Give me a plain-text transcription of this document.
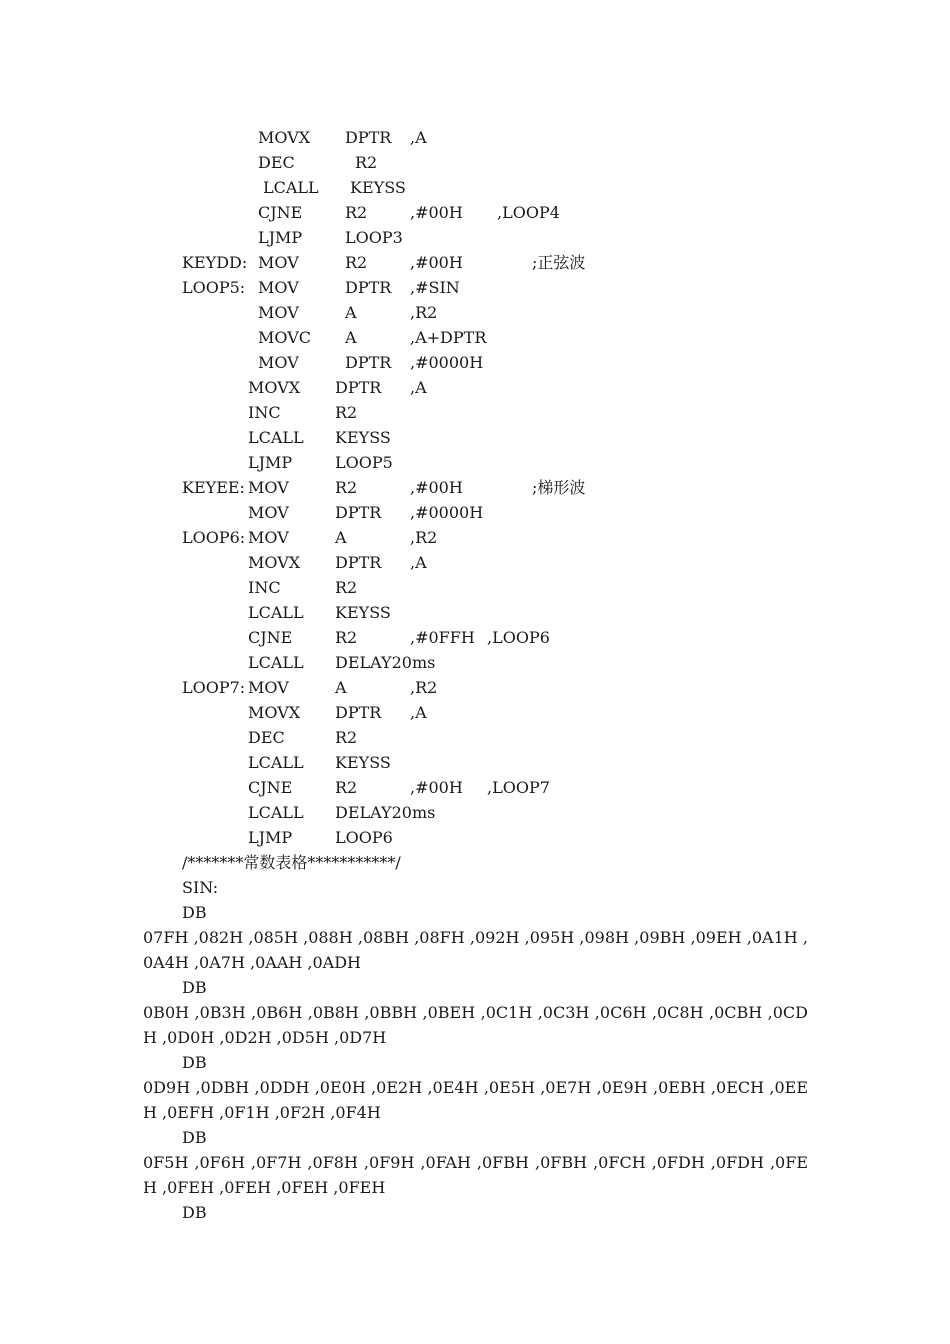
MOVX DPTR ,A
DEC	R2
LCALL KEYSS
CJNE	R2	,#00H ,LOOP4
LJMP	LOOP3
KEYDD: MOV	R2	,#00H	;正弦波
LOOP5: MOV	DPTR ,#SIN
MOV	A	,R2
MOVC A	,A+DPTR
MOV	DPTR ,#0000H
MOVX DPTR ,A
INC	R2
LCALL KEYSS
LJMP	LOOP5
KEYEE: MOV	R2	,#00H	;梯形波
MOV	DPTR ,#0000H
LOOP6: MOV	A	,R2
MOVX DPTR ,A
INC	R2
LCALL KEYSS
CJNE	R2	,#0FFH ,LOOP6
LCALL DELAY20ms
LOOP7: MOV	A	,R2
MOVX DPTR ,A
DEC	R2
LCALL KEYSS
CJNE	R2	,#00H ,LOOP7
LCALL DELAY20ms
LJMP	LOOP6
/*******常数表格***********/
SIN:
DB
07FH ,082H ,085H ,088H ,08BH ,08FH ,092H ,095H ,098H ,09BH ,09EH ,0A1H ,0A4H ,0A7H ,0AAH ,0ADH
DB
0B0H ,0B3H ,0B6H ,0B8H ,0BBH ,0BEH ,0C1H ,0C3H ,0C6H ,0C8H ,0CBH ,0CDH ,0D0H ,0D2H ,0D5H ,0D7H
DB
0D9H ,0DBH ,0DDH ,0E0H ,0E2H ,0E4H ,0E5H ,0E7H ,0E9H ,0EBH ,0ECH ,0EEH ,0EFH ,0F1H ,0F2H ,0F4H
DB
0F5H ,0F6H ,0F7H ,0F8H ,0F9H ,0FAH ,0FBH ,0FBH ,0FCH ,0FDH ,0FDH ,0FEH ,0FEH ,0FEH ,0FEH ,0FEH
DB
